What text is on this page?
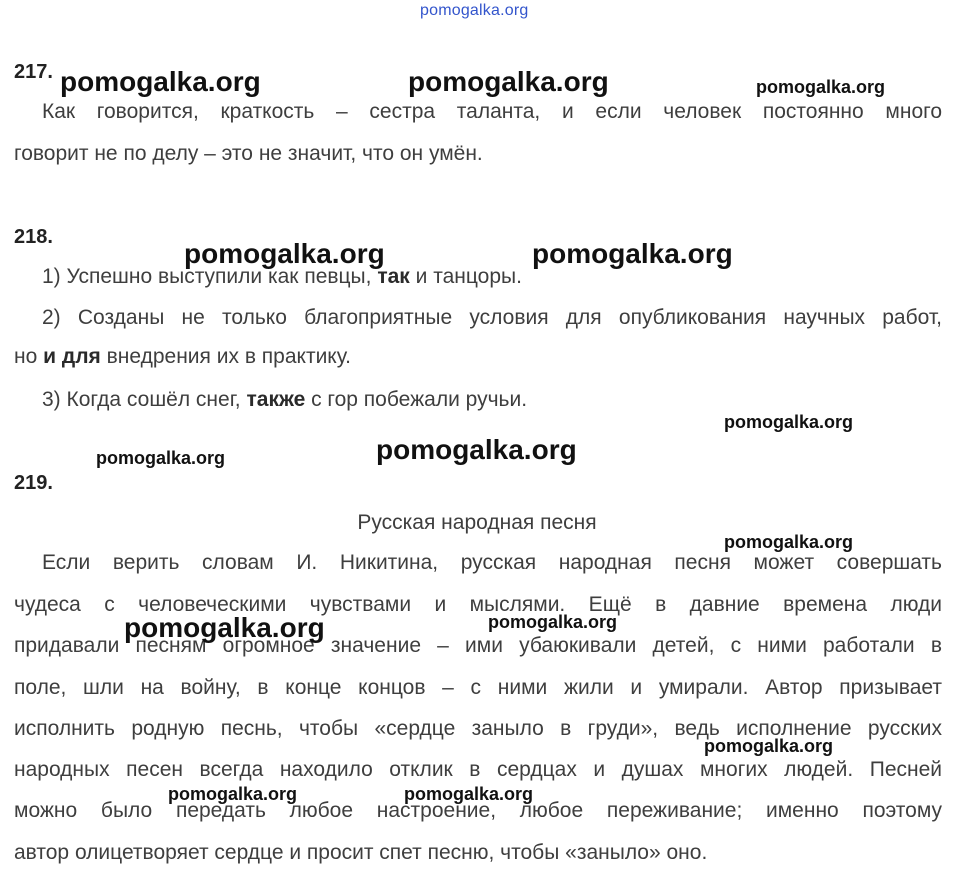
pomogalka.org
217.
Как говорится, краткость – сестра таланта, и если человек постоянно много
говорит не по делу – это не значит, что он умён.
218.
1) Успешно выступили как певцы, так и танцоры.
2) Созданы не только благоприятные условия для опубликования научных работ,
но и для внедрения их в практику.
3) Когда сошёл снег, также с гор побежали ручьи.
219.
Русская народная песня
Если верить словам И. Никитина, русская народная песня может совершать
чудеса с человеческими чувствами и мыслями. Ещё в давние времена люди
придавали песням огромное значение – ими убаюкивали детей, с ними работали в
поле, шли на войну, в конце концов – с ними жили и умирали. Автор призывает
исполнить родную песнь, чтобы «сердце заныло в груди», ведь исполнение русских
народных песен всегда находило отклик в сердцах и душах многих людей. Песней
можно было передать любое настроение, любое переживание; именно поэтому
автор олицетворяет сердце и просит спет песню, чтобы «заныло» оно.
pomogalka.org	pomogalka.org	pomogalka.org
pomogalka.org	pomogalka.org
pomogalka.org
pomogalka.org
pomogalka.org
pomogalka.org
pomogalka.org
pomogalka.org
pomogalka.org
pomogalka.org	pomogalka.org
